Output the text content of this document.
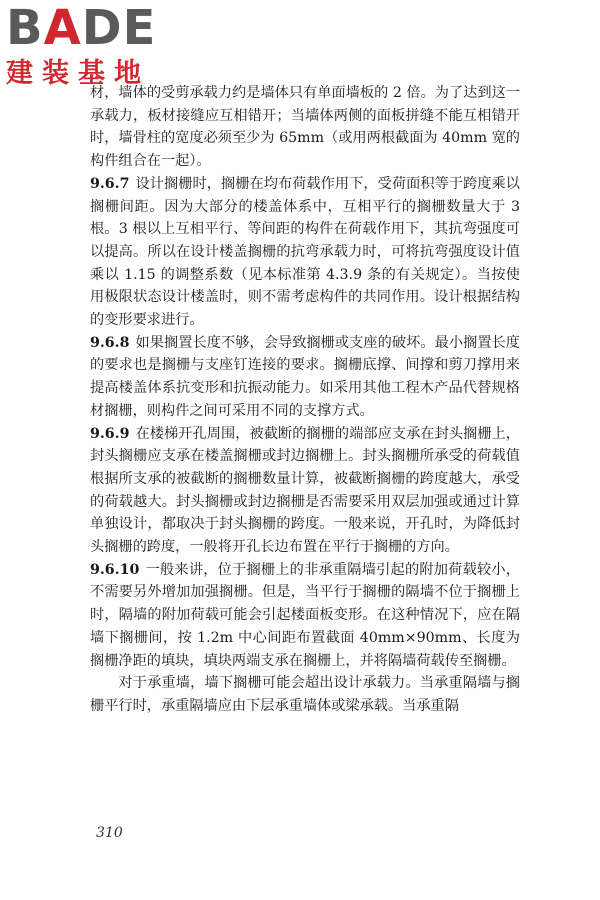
BADE
建装基地

材，墙体的受剪承载力约是墙体只有单面墙板的 2 倍。为了达到这一承载力，板材接缝应互相错开；当墙体两侧的面板拼缝不能互相错开时，墙骨柱的宽度必须至少为 65mm（或用两根截面为 40mm 宽的构件组合在一起）。

9.6.7 设计搁栅时，搁栅在均布荷载作用下，受荷面积等于跨度乘以搁栅间距。因为大部分的楼盖体系中，互相平行的搁栅数量大于 3 根。3 根以上互相平行、等间距的构件在荷载作用下，其抗弯强度可以提高。所以在设计楼盖搁栅的抗弯承载力时，可将抗弯强度设计值乘以 1.15 的调整系数（见本标准第 4.3.9 条的有关规定）。当按使用极限状态设计楼盖时，则不需考虑构件的共同作用。设计根据结构的变形要求进行。

9.6.8 如果搁置长度不够，会导致搁栅或支座的破坏。最小搁置长度的要求也是搁栅与支座钉连接的要求。搁栅底撑、间撑和剪刀撑用来提高楼盖体系抗变形和抗振动能力。如采用其他工程木产品代替规格材搁栅，则构件之间可采用不同的支撑方式。

9.6.9 在楼梯开孔周围，被截断的搁栅的端部应支承在封头搁栅上，封头搁栅应支承在楼盖搁栅或封边搁栅上。封头搁栅所承受的荷载值根据所支承的被截断的搁栅数量计算，被截断搁栅的跨度越大，承受的荷载越大。封头搁栅或封边搁栅是否需要采用双层加强或通过计算单独设计，都取决于封头搁栅的跨度。一般来说，开孔时，为降低封头搁栅的跨度，一般将开孔长边布置在平行于搁栅的方向。

9.6.10 一般来讲，位于搁栅上的非承重隔墙引起的附加荷载较小，不需要另外增加加强搁栅。但是，当平行于搁栅的隔墙不位于搁栅上时，隔墙的附加荷载可能会引起楼面板变形。在这种情况下，应在隔墙下搁栅间，按 1.2m 中心间距布置截面 40mm×90mm、长度为搁栅净距的填块，填块两端支承在搁栅上，并将隔墙荷载传至搁栅。

对于承重墙，墙下搁栅可能会超出设计承载力。当承重隔墙与搁栅平行时，承重隔墙应由下层承重墙体或梁承载。当承重隔

310
